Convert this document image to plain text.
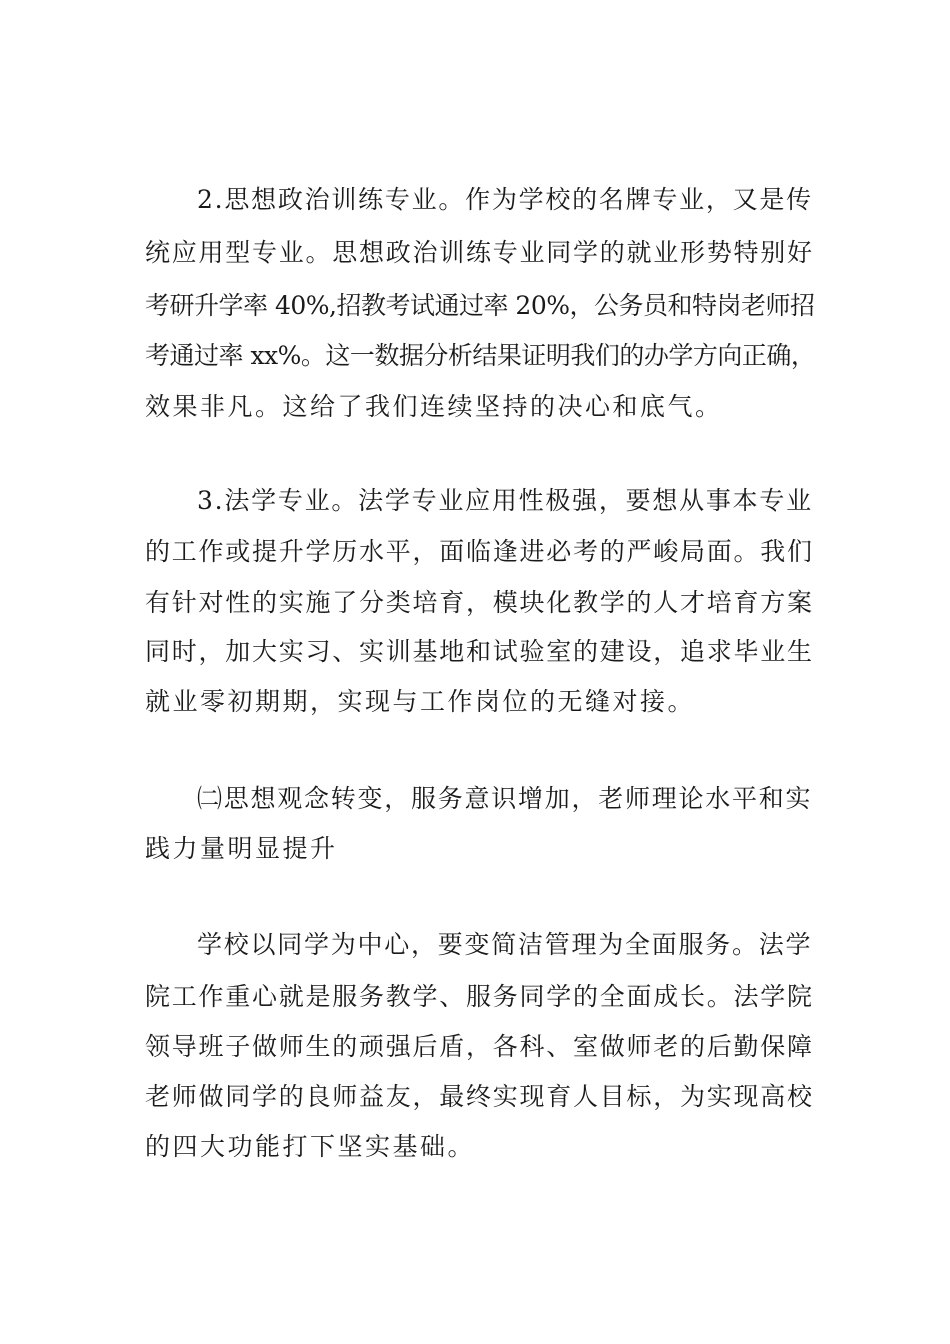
2.思想政治训练专业。作为学校的名牌专业，又是传
统应用型专业。思想政治训练专业同学的就业形势特别好
考研升学率 40%,招教考试通过率 20%，公务员和特岗老师招
考通过率 xx%。这一数据分析结果证明我们的办学方向正确，
效果非凡。这给了我们连续坚持的决心和底气。
3.法学专业。法学专业应用性极强，要想从事本专业
的工作或提升学历水平，面临逢进必考的严峻局面。我们
有针对性的实施了分类培育，模块化教学的人才培育方案
同时，加大实习、实训基地和试验室的建设，追求毕业生
就业零初期期，实现与工作岗位的无缝对接。
㈡思想观念转变，服务意识增加，老师理论水平和实
践力量明显提升
学校以同学为中心，要变简洁管理为全面服务。法学
院工作重心就是服务教学、服务同学的全面成长。法学院
领导班子做师生的顽强后盾，各科、室做师老的后勤保障
老师做同学的良师益友，最终实现育人目标，为实现高校
的四大功能打下坚实基础。
